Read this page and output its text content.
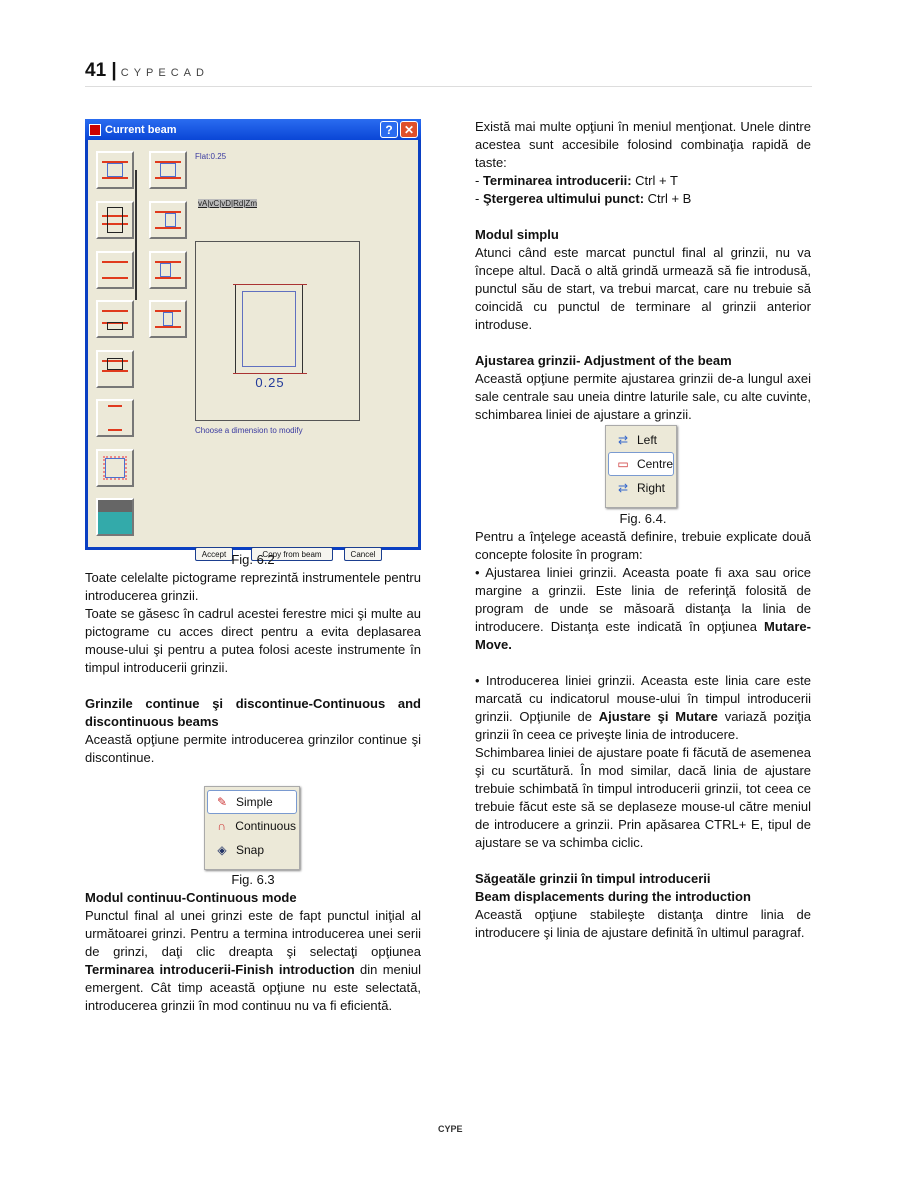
41 | CYPECAD
Current beam	? ✕
Flat:0.25
vA|vC|vD|Rd|Zm
0.25
Choose a dimension to modify
Accept	Copy from beam	Cancel

Fig. 6.2

Toate celelalte pictograme reprezintă instrumentele pentru introducerea grinzii.

Toate se găsesc în cadrul acestei ferestre mici şi multe au pictograme cu acces direct pentru a evita deplasarea mouse-ului şi pentru a putea folosi aceste instrumente în timpul introducerii grinzii.

Grinzile continue şi discontinue-Continuous and discontinuous beams

Această opţiune permite introducerea grinzilor continue şi discontinue.

✎ Simple
∩ Continuous
◈ Snap

Fig. 6.3

Modul continuu-Continuous mode

Punctul final al unei grinzi este de fapt punctul iniţial al următoarei grinzi. Pentru a termina introducerea unei serii de grinzi, daţi clic dreapta şi selectaţi opţiunea Terminarea introducerii-Finish introduction din meniul emergent. Cât timp această opţiune nu este selectată, introducerea grinzii în mod continuu nu va fi eficientă.

Există mai multe opţiuni în meniul menţionat. Unele dintre acestea sunt accesibile folosind combinaţia rapidă de taste:

- Terminarea introducerii: Ctrl + T

- Ştergerea ultimului punct: Ctrl + B

Modul simplu

Atunci când este marcat punctul final al grinzii, nu va începe altul. Dacă o altă grindă urmează să fie introdusă, punctul său de start, va trebui marcat, care nu trebuie să coincidă cu punctul de terminare al grinzii anterior introduse.

Ajustarea grinzii- Adjustment of the beam

Această opţiune permite ajustarea grinzii de-a lungul axei sale centrale sau uneia dintre laturile sale, cu alte cuvinte, schimbarea liniei de ajustare a grinzii.

⇄ Left
▭ Centre
⇄ Right

Fig. 6.4.

Pentru a înţelege această definire, trebuie explicate două concepte folosite în program:

• Ajustarea liniei grinzii. Aceasta poate fi axa sau orice margine a grinzii. Este linia de referinţă folosită de program de unde se măsoară distanţa la linia de introducere. Distanţa este indicată în opţiunea Mutare-Move.

• Introducerea liniei grinzii. Aceasta este linia care este marcată cu indicatorul mouse-ului în timpul introducerii grinzii. Opţiunile de Ajustare şi Mutare variază poziţia grinzii în ceea ce priveşte linia de introducere.

Schimbarea liniei de ajustare poate fi făcută de asemenea şi cu scurtătură. În mod similar, dacă linia de ajustare trebuie schimbată în timpul introducerii grinzii, tot ceea ce trebuie făcut este să se deplaseze mouse-ul către meniul de introducere a grinzii. Prin apăsarea CTRL+ E, tipul de ajustare se va schimba ciclic.

Săgeatăle grinzii în timpul introducerii

Beam displacements during the introduction

Această opţiune stabileşte distanţa dintre linia de introducere şi linia de ajustare definită în ultimul paragraf.

CYPE
